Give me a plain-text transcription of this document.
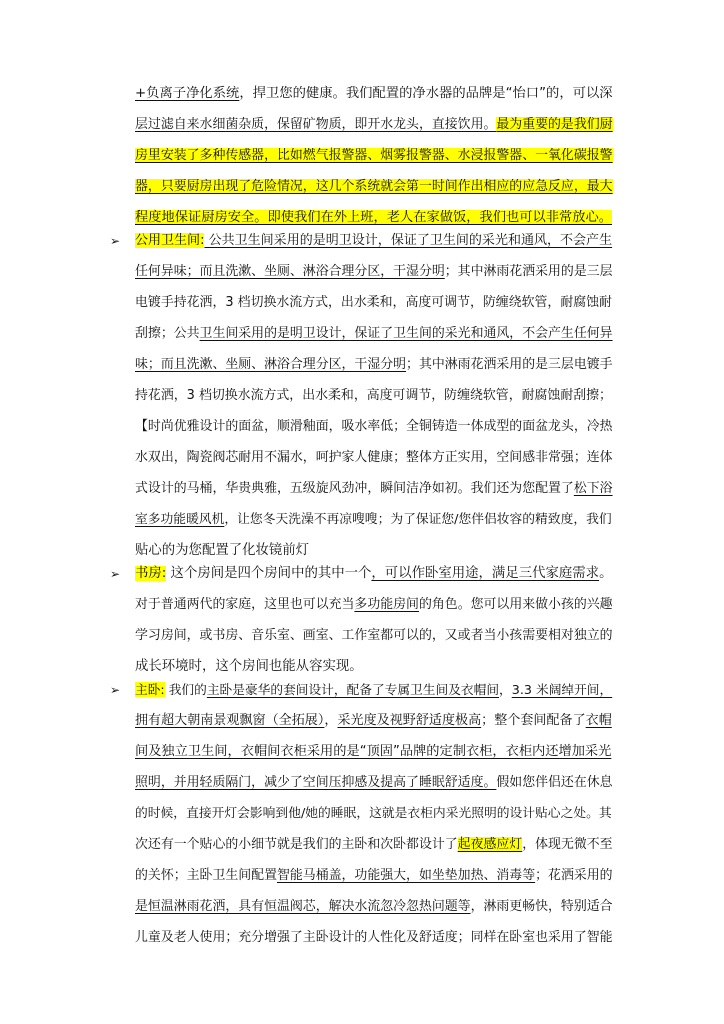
+负离子净化系统，捍卫您的健康。我们配置的净水器的品牌是“怡口”的，可以深
层过滤自来水细菌杂质，保留矿物质，即开水龙头，直接饮用。最为重要的是我们厨
房里安装了多种传感器，比如燃气报警器、烟雾报警器、水浸报警器、一氧化碳报警
器，只要厨房出现了危险情况，这几个系统就会第一时间作出相应的应急反应，最大
程度地保证厨房安全。即使我们在外上班，老人在家做饭，我们也可以非常放心。
➢ 公用卫生间: 公共卫生间采用的是明卫设计，保证了卫生间的采光和通风，不会产生
任何异味；而且洗漱、坐厕、淋浴合理分区，干湿分明；其中淋雨花洒采用的是三层
电镀手持花洒，3 档切换水流方式，出水柔和，高度可调节，防缠绕软管，耐腐蚀耐
刮擦；公共卫生间采用的是明卫设计，保证了卫生间的采光和通风，不会产生任何异
味；而且洗漱、坐厕、淋浴合理分区，干湿分明；其中淋雨花洒采用的是三层电镀手
持花洒，3 档切换水流方式，出水柔和，高度可调节，防缠绕软管，耐腐蚀耐刮擦；
【时尚优雅设计的面盆，顺滑釉面，吸水率低；全铜铸造一体成型的面盆龙头，冷热
水双出，陶瓷阀芯耐用不漏水，呵护家人健康；整体方正实用，空间感非常强；连体
式设计的马桶，华贵典雅，五级旋风劲冲，瞬间洁净如初。我们还为您配置了松下浴
室多功能暖风机，让您冬天洗澡不再凉嗖嗖；为了保证您/您伴侣妆容的精致度，我们
贴心的为您配置了化妆镜前灯
➢ 书房: 这个房间是四个房间中的其中一个，可以作卧室用途，满足三代家庭需求。
对于普通两代的家庭，这里也可以充当多功能房间的角色。您可以用来做小孩的兴趣
学习房间，或书房、音乐室、画室、工作室都可以的，又或者当小孩需要相对独立的
成长环境时，这个房间也能从容实现。
➢ 主卧: 我们的主卧是豪华的套间设计，配备了专属卫生间及衣帽间，3.3 米阔绰开间，
拥有超大朝南景观飘窗（全拓展），采光度及视野舒适度极高；整个套间配备了衣帽
间及独立卫生间，衣帽间衣柜采用的是“顶固”品牌的定制衣柜，衣柜内还增加采光
照明，并用轻质隔门，减少了空间压抑感及提高了睡眠舒适度。假如您伴侣还在休息
的时候，直接开灯会影响到他/她的睡眠，这就是衣柜内采光照明的设计贴心之处。其
次还有一个贴心的小细节就是我们的主卧和次卧都设计了起夜感应灯，体现无微不至
的关怀；主卧卫生间配置智能马桶盖，功能强大，如坐垫加热、消毒等；花洒采用的
是恒温淋雨花洒，具有恒温阀芯，解决水流忽冷忽热问题等，淋雨更畅快，特别适合
儿童及老人使用；充分增强了主卧设计的人性化及舒适度；同样在卧室也采用了智能
